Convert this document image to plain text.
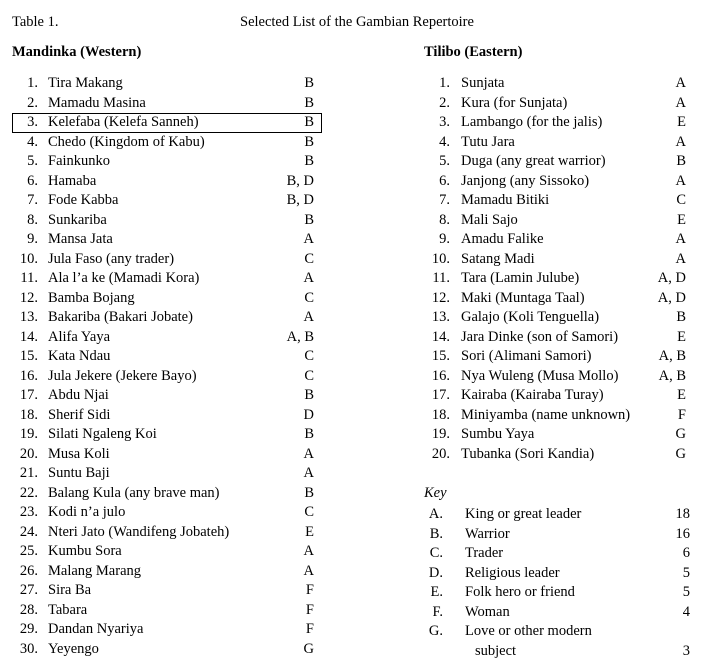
Table 1.	Selected List of the Gambian Repertoire
Mandinka (Western)	Tilibo (Eastern)
1. Tira Makang	B
2. Mamadu Masina	B
3. Kelefaba (Kelefa Sanneh)	B
4. Chedo (Kingdom of Kabu)	B
5. Fainkunko	B
6. Hamaba	B, D
7. Fode Kabba	B, D
8. Sunkariba	B
9. Mansa Jata	A
10. Jula Faso (any trader)	C
11. Ala l’a ke (Mamadi Kora)	A
12. Bamba Bojang	C
13. Bakariba (Bakari Jobate)	A
14. Alifa Yaya	A, B
15. Kata Ndau	C
16. Jula Jekere (Jekere Bayo)	C
17. Abdu Njai	B
18. Sherif Sidi	D
19. Silati Ngaleng Koi	B
20. Musa Koli	A
21. Suntu Baji	A
22. Balang Kula (any brave man)	B
23. Kodi n’a julo	C
24. Nteri Jato (Wandifeng Jobateh)	E
25. Kumbu Sora	A
26. Malang Marang	A
27. Sira Ba	F
28. Tabara	F
29. Dandan Nyariya	F
30. Yeyengo	G
1. Sunjata	A
2. Kura (for Sunjata)	A
3. Lambango (for the jalis)	E
4. Tutu Jara	A
5. Duga (any great warrior)	B
6. Janjong (any Sissoko)	A
7. Mamadu Bitiki	C
8. Mali Sajo	E
9. Amadu Falike	A
10. Satang Madi	A
11. Tara (Lamin Julube)	A, D
12. Maki (Muntaga Taal)	A, D
13. Galajo (Koli Tenguella)	B
14. Jara Dinke (son of Samori)	E
15. Sori (Alimani Samori)	A, B
16. Nya Wuleng (Musa Mollo)	A, B
17. Kairaba (Kairaba Turay)	E
18. Miniyamba (name unknown)	F
19. Sumbu Yaya	G
20. Tubanka (Sori Kandia)	G
Key
A. King or great leader	18
B. Warrior	16
C. Trader	6
D. Religious leader	5
E. Folk hero or friend	5
F. Woman	4
G. Love or other modern
subject	3
